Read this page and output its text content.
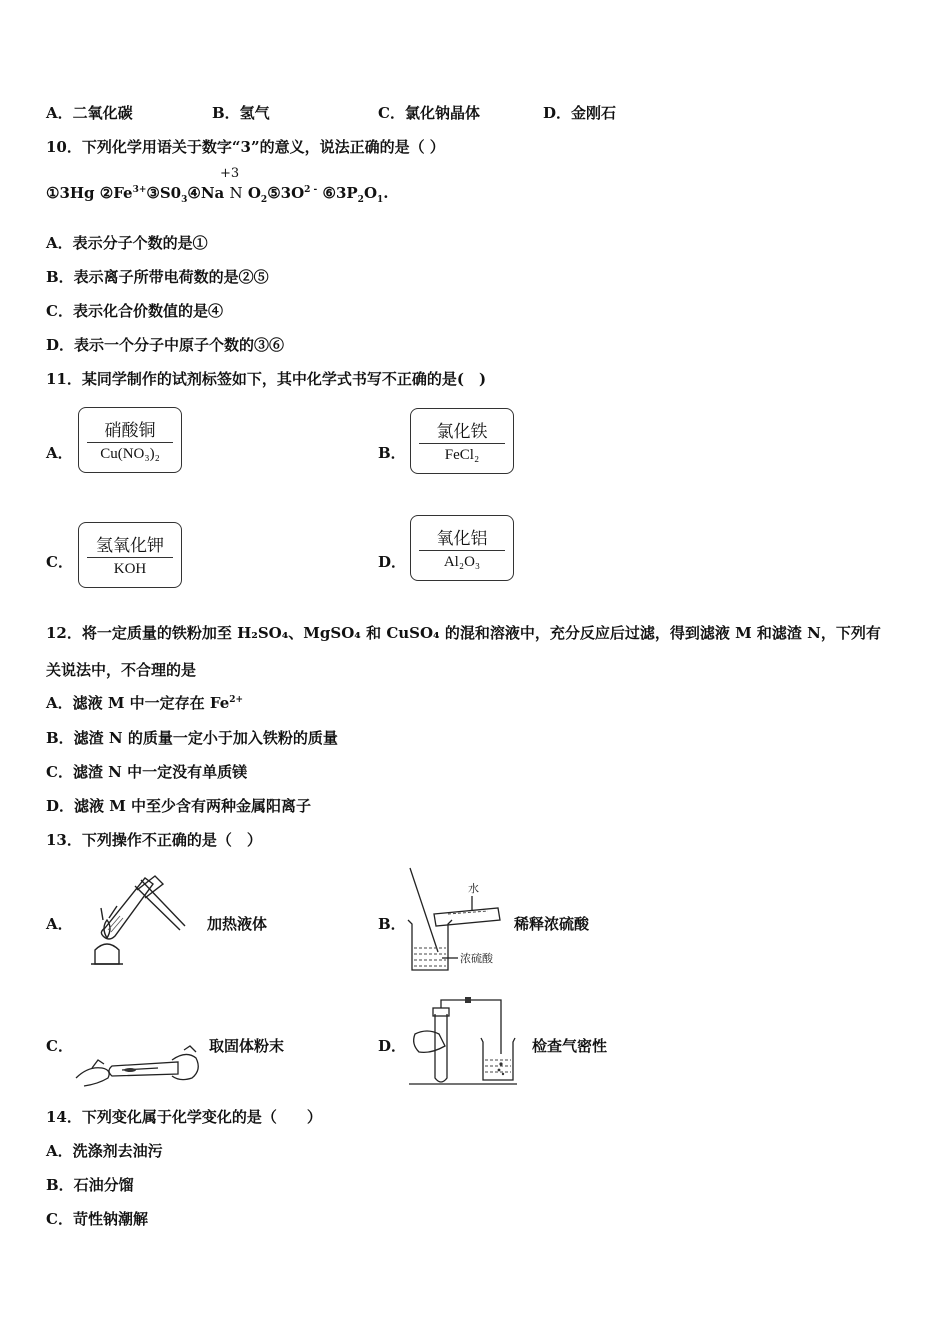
A．二氧化碳	B．氢气	C．氯化钠晶体	D．金刚石
10．下列化学用语关于数字“3”的意义，说法正确的是（ ）
+3
①3Hg $②Fe^{3+}③S0_3④Na$ N $O_2⑤3O^{2 -}$ $⑥3P_2O_1$.
A．表示分子个数的是①
B．表示离子所带电荷数的是②⑤
C．表示化合价数值的是④
D．表示一个分子中原子个数的③⑥
11．某同学制作的试剂标签如下，其中化学式书写不正确的是(　)
A．
硝酸铜
Cu(NO₃)₂	B．
氯化铁
FeCl₂
C．
氢氧化钾
KOH	D．
氧化铝
Al₂O₃
12．将一定质量的铁粉加至 H₂SO₄、MgSO₄ 和 CuSO₄ 的混和溶液中，充分反应后过滤，得到滤液 M 和滤渣 N，下列有
关说法中，不合理的是
A．滤液 M 中一定存在 $Fe^{2+}$
B．滤渣 N 的质量一定小于加入铁粉的质量
C．滤渣 N 中一定没有单质镁
D．滤液 M 中至少含有两种金属阳离子
13．下列操作不正确的是（　）
A．	加热液体	B．
水
浓硫酸
稀释浓硫酸
C．	取固体粉末	D．	检查气密性
14．下列变化属于化学变化的是（　　）
A．洗涤剂去油污
B．石油分馏
C．苛性钠潮解
